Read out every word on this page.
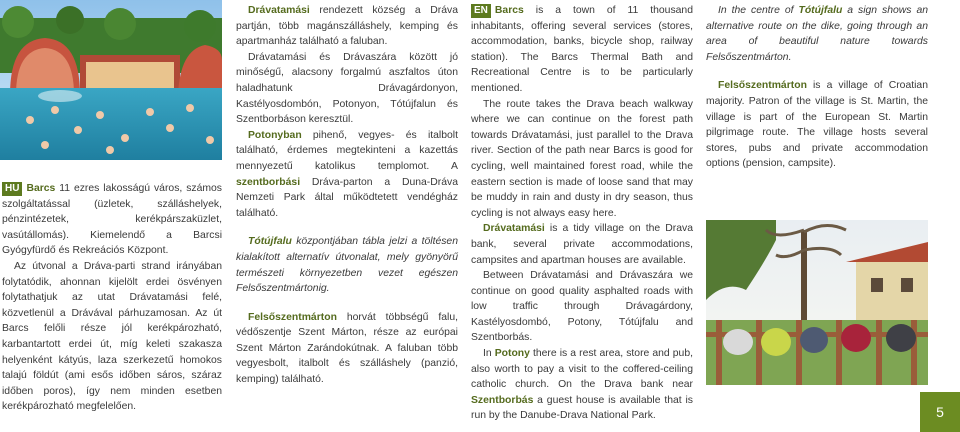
HU Barcs 11 ezres lakosságú város, számos szolgáltatással (üzletek, szálláshelyek, pénzintézetek, kerékpárszaküzlet, vasútállomás). Kiemelendő a Barcsi Gyógyfürdő és Rekreációs Központ.

Az útvonal a Dráva-parti strand irányában folytatódik, ahonnan kijelölt erdei ösvényen folytathatjuk az utat Drávatamási felé, közvetlenül a Drávával párhuzamosan. Az út Barcs felőli része jól kerékpározható, karbantartott erdei út, míg keleti szakasza helyenként kátyús, laza szerkezetű homokos talajú földút (ami esős időben sáros, száraz időben poros), így nem minden esetben kerékpározható megfelelően.

Drávatamási rendezett község a Dráva partján, több magánszálláshely, kemping és apartmanház található a faluban.

Drávatamási és Drávaszára között jó minőségű, alacsony forgalmú aszfaltos úton haladhatunk Drávagárdonyon, Kastélyosdombón, Potonyon, Tótújfalun és Szentborbáson keresztül.

Potonyban pihenő, vegyes- és italbolt található, érdemes megtekinteni a kazettás mennyezetű katolikus templomot. A szentborbási Dráva-parton a Duna-Dráva Nemzeti Park által működtetett vendégház található.

Tótújfalu központjában tábla jelzi a töltésen kialakított alternatív útvonalat, mely gyönyörű természeti környezetben vezet egészen Felsőszentmártonig.

Felsőszentmárton horvát többségű falu, védőszentje Szent Márton, része az európai Szent Márton Zarándokútnak. A faluban több vegyesbolt, italbolt és szálláshely (panzió, kemping) található.

EN Barcs is a town of 11 thousand inhabitants, offering several services (stores, accommodation, banks, bicycle shop, railway station). The Barcs Thermal Bath and Recreational Centre is to be particularly mentioned.

The route takes the Drava beach walkway where we can continue on the forest path towards Drávatamási, just parallel to the Drava river. Section of the path near Barcs is good for cycling, well maintained forest road, while the eastern section is made of loose sand that may be muddy in rain and dusty in dry season, thus cycling is not always easy here.

Drávatamási is a tidy village on the Drava bank, several private accommodations, campsites and apartman houses are available.

Between Drávatamási and Drávaszára we continue on good quality asphalted roads with low traffic through Drávagárdony, Kastélyosdombó, Potony, Tótújfalu and Szentborbás.

In Potony there is a rest area, store and pub, also worth to pay a visit to the coffered-ceiling catholic church. On the Drava bank near Szentborbás a guest house is available that is run by the Danube-Drava National Park.

In the centre of Tótújfalu a sign shows an alternative route on the dike, going through an area of beautiful nature towards Felsőszentmárton.

Felsőszentmárton is a village of Croatian majority. Patron of the village is St. Martin, the village is part of the European St. Martin pilgrimage route. The village hosts several stores, pubs and private accommodation options (pension, campsite).

5
